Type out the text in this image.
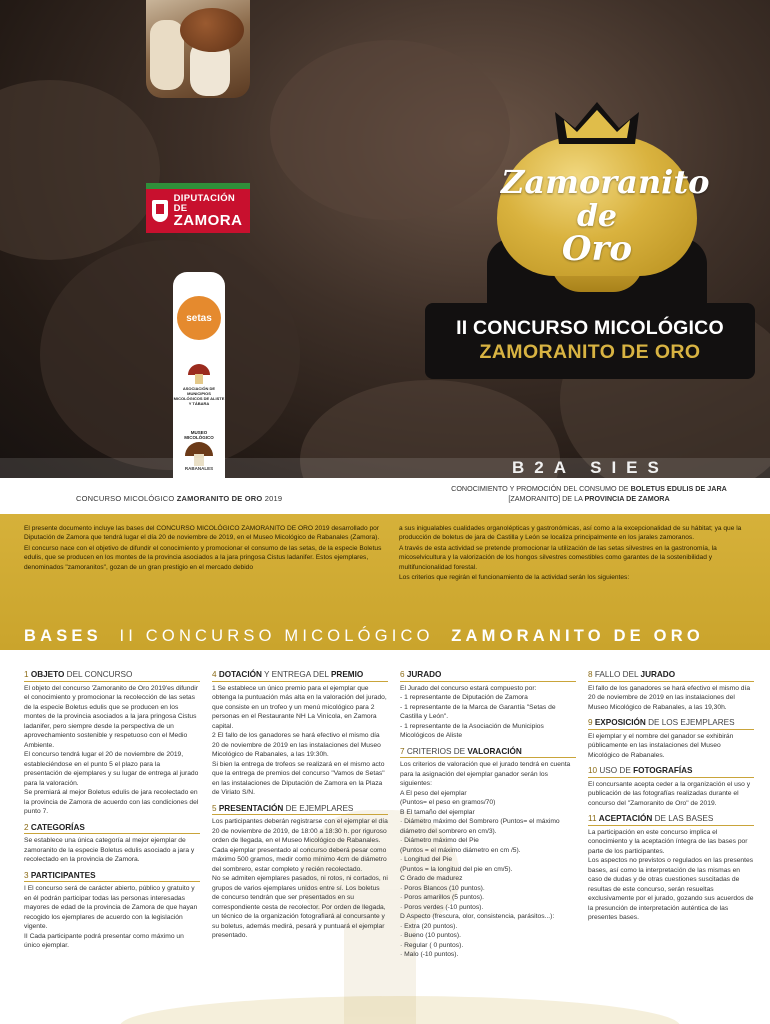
DIPUTACIÓN DE
ZAMORA
setas
ASOCIACIÓN DE MUNICIPIOS MICOLÓGICOS DE ALISTE Y TÁBARA
MUSEO MICOLÓGICO
RABANALES
Zamoranito
de
Oro
II CONCURSO MICOLÓGICO
ZAMORANITO DE ORO
B2A SIES
CONCURSO MICOLÓGICO ZAMORANITO DE ORO 2019
CONOCIMIENTO Y PROMOCIÓN DEL CONSUMO DE BOLETUS EDULIS DE JARA
[ZAMORANITO] DE LA PROVINCIA DE ZAMORA

El presente documento incluye las bases del CONCURSO MICOLÓGICO ZAMORANITO DE ORO 2019 desarrollado por Diputación de Zamora que tendrá lugar el día 20 de noviembre de 2019, en el Museo Micológico de Rabanales (Zamora).

El concurso nace con el objetivo de difundir el conocimiento y promocionar el consumo de las setas, de la especie Boletus edulis, que se producen en los montes de la provincia asociados a la jara pringosa Cistus ladanifer. Estos ejemplares, denominados "zamoranitos", gozan de un gran prestigio en el mercado debido

a sus inigualables cualidades organolépticas y gastronómicas, así como a la excepcionalidad de su hábitat; ya que la producción de boletus de jara de Castilla y León se localiza principalmente en los jarales zamoranos.

A través de esta actividad se pretende promocionar la utilización de las setas silvestres en la gastronomía, la micoselvicultura y la valorización de los hongos silvestres comestibles como garantes de la sostenibilidad y multifuncionalidad forestal.

Los criterios que regirán el funcionamiento de la actividad serán los siguientes:

BASES II CONCURSO MICOLÓGICO ZAMORANITO DE ORO
1 OBJETO DEL CONCURSO

El objeto del concurso 'Zamoranito de Oro 2019'es difundir el conocimiento y promocionar la recolección de las setas de la especie Boletus edulis que se producen en los montes de la provincia asociados a la jara pringosa Cistus ladanifer, pero siempre desde la perspectiva de un aprovechamiento sostenible y respetuoso con el Medio Ambiente.
El concurso tendrá lugar el 20 de noviembre de 2019, estableciéndose en el punto 5 el plazo para la presentación de ejemplares y su lugar de entrega al jurado para la valoración.
Se premiará al mejor Boletus edulis de jara recolectado en la provincia de Zamora de acuerdo con las condiciones del punto 7.

2 CATEGORÍAS

Se establece una única categoría al mejor ejemplar de zamoranito de la especie Boletus edulis asociado a jara y recolectado en la provincia de Zamora.

3 PARTICIPANTES

I El concurso será de carácter abierto, público y gratuito y en él podrán participar todas las personas interesadas mayores de edad de la provincia de Zamora de que hayan recogido los ejemplares de acuerdo con la legislación vigente.
II Cada participante podrá presentar como máximo un único ejemplar.

4 DOTACIÓN Y ENTREGA DEL PREMIO

1 Se establece un único premio para el ejemplar que obtenga la puntuación más alta en la valoración del jurado, que consiste en un trofeo y un menú micológico para 2 personas en el Restaurante NH La Vinícola, en Zamora capital.
2 El fallo de los ganadores se hará efectivo el mismo día 20 de noviembre de 2019 en las instalaciones del Museo Micológico de Rabanales, a las 19:30h.
Si bien la entrega de trofeos se realizará en el mismo acto que la entrega de premios del concurso "Vamos de Setas" en las instalaciones de Diputación de Zamora en la Plaza de Viriato S/N.

5 PRESENTACIÓN DE EJEMPLARES

Los participantes deberán registrarse con el ejemplar el día 20 de noviembre de 2019, de 18:00 a 18:30 h. por riguroso orden de llegada, en el Museo Micológico de Rabanales.
Cada ejemplar presentado al concurso deberá pesar como máximo 500 gramos, medir como mínimo 4cm de diámetro del sombrero, estar completo y recién recolectado.
No se admiten ejemplares pasados, ni rotos, ni cortados, ni grupos de varios ejemplares unidos entre sí. Los boletus de concurso tendrán que ser presentados en su correspondiente cesta de recolector. Por orden de llegada, un técnico de la organización fotografiará al concursante y su boletus, además medirá, pesará y puntuará el ejemplar presentado.

6 JURADO

El Jurado del concurso estará compuesto por:
- 1 representante de Diputación de Zamora
- 1 representante de la Marca de Garantía "Setas de Castilla y León".
- 1 representante de la Asociación de Municipios Micológicos de Aliste

7 CRITERIOS DE VALORACIÓN

Los criterios de valoración que el jurado tendrá en cuenta para la asignación del ejemplar ganador serán los siguientes:
A El peso del ejemplar
(Puntos= el peso en gramos/70)
B El tamaño del ejemplar
· Diámetro máximo del Sombrero (Puntos= el máximo diámetro del sombrero en cm/3).
· Diámetro máximo del Pie
(Puntos = el máximo diámetro en cm /5).
· Longitud del Pie
(Puntos = la longitud del pie en cm/5).
C Grado de madurez
· Poros Blancos (10 puntos).
· Poros amarillos (5 puntos).
· Poros verdes (-10 puntos).
D Aspecto (frescura, olor, consistencia, parásitos...):
· Extra (20 puntos).
· Bueno (10 puntos).
· Regular ( 0 puntos).
· Malo (-10 puntos).

8 FALLO DEL JURADO

El fallo de los ganadores se hará efectivo el mismo día 20 de noviembre de 2019 en las instalaciones del Museo Micológico de Rabanales, a las 19,30h.

9 EXPOSICIÓN DE LOS EJEMPLARES

El ejemplar y el nombre del ganador se exhibirán públicamente en las instalaciones del Museo Micológico de Rabanales.

10 USO DE FOTOGRAFÍAS

El concursante acepta ceder a la organización el uso y publicación de las fotografías realizadas durante el concurso del "Zamoranito de Oro" de 2019.

11 ACEPTACIÓN DE LAS BASES

La participación en este concurso implica el conocimiento y la aceptación íntegra de las bases por parte de los participantes.
Los aspectos no previstos o regulados en las presentes bases, así como la interpretación de las mismas en caso de dudas y de otras cuestiones suscitadas de resultas de este concurso, serán resueltas exclusivamente por el jurado, gozando sus acuerdos de la presunción de interpretación auténtica de las presentes bases.
